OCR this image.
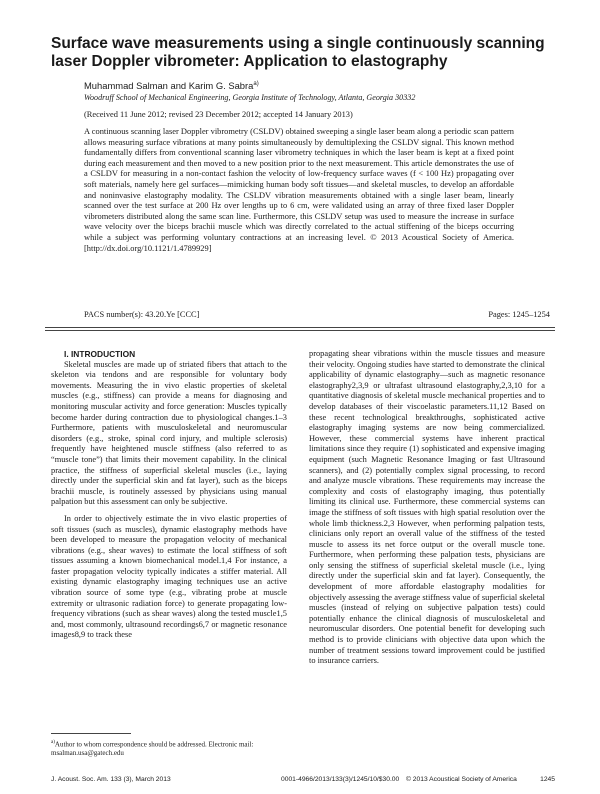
Surface wave measurements using a single continuously scanning laser Doppler vibrometer: Application to elastography
Muhammad Salman and Karim G. Sabra$^{a)}$
Woodruff School of Mechanical Engineering, Georgia Institute of Technology, Atlanta, Georgia 30332
(Received 11 June 2012; revised 23 December 2012; accepted 14 January 2013)

A continuous scanning laser Doppler vibrometry (CSLDV) obtained sweeping a single laser beam along a periodic scan pattern allows measuring surface vibrations at many points simultaneously by demultiplexing the CSLDV signal. This known method fundamentally differs from conventional scanning laser vibrometry techniques in which the laser beam is kept at a fixed point during each measurement and then moved to a new position prior to the next measurement. This article demonstrates the use of a CSLDV for measuring in a non-contact fashion the velocity of low-frequency surface waves (f < 100 Hz) propagating over soft materials, namely here gel surfaces—mimicking human body soft tissues—and skeletal muscles, to develop an affordable and noninvasive elastography modality. The CSLDV vibration measurements obtained with a single laser beam, linearly scanned over the test surface at 200 Hz over lengths up to 6 cm, were validated using an array of three fixed laser Doppler vibrometers distributed along the same scan line. Furthermore, this CSLDV setup was used to measure the increase in surface wave velocity over the biceps brachii muscle which was directly correlated to the actual stiffening of the biceps occurring while a subject was performing voluntary contractions at an increasing level. © 2013 Acoustical Society of America. [http://dx.doi.org/10.1121/1.4789929]

PACS number(s): 43.20.Ye [CCC]	Pages: 1245–1254

I. INTRODUCTION

Skeletal muscles are made up of striated fibers that attach to the skeleton via tendons and are responsible for voluntary body movements. Measuring the in vivo elastic properties of skeletal muscles (e.g., stiffness) can provide a means for diagnosing and monitoring muscular activity and force generation: Muscles typically become harder during contraction due to physiological changes.1–3 Furthermore, patients with musculoskeletal and neuromuscular disorders (e.g., stroke, spinal cord injury, and multiple sclerosis) frequently have heightened muscle stiffness (also referred to as “muscle tone”) that limits their movement capability. In the clinical practice, the stiffness of superficial skeletal muscles (i.e., laying directly under the superficial skin and fat layer), such as the biceps brachii muscle, is routinely assessed by physicians using manual palpation but this assessment can only be subjective.

In order to objectively estimate the in vivo elastic properties of soft tissues (such as muscles), dynamic elastography methods have been developed to measure the propagation velocity of mechanical vibrations (e.g., shear waves) to estimate the local stiffness of soft tissues assuming a known biomechanical model.1,4 For instance, a faster propagation velocity typically indicates a stiffer material. All existing dynamic elastography imaging techniques use an active vibration source of some type (e.g., vibrating probe at muscle extremity or ultrasonic radiation force) to generate propagating low-frequency vibrations (such as shear waves) along the tested muscle1,5 and, most commonly, ultrasound recordings6,7 or magnetic resonance images8,9 to track these

propagating shear vibrations within the muscle tissues and measure their velocity. Ongoing studies have started to demonstrate the clinical applicability of dynamic elastography—such as magnetic resonance elastography2,3,9 or ultrafast ultrasound elastography,2,3,10 for a quantitative diagnosis of skeletal muscle mechanical properties and to develop databases of their viscoelastic parameters.11,12 Based on these recent technological breakthroughs, sophisticated active elastography imaging systems are now being commercialized. However, these commercial systems have inherent practical limitations since they require (1) sophisticated and expensive imaging equipment (such Magnetic Resonance Imaging or fast Ultrasound scanners), and (2) potentially complex signal processing, to record and analyze muscle vibrations. These requirements may increase the complexity and costs of elastography imaging, thus potentially limiting its clinical use. Furthermore, these commercial systems can image the stiffness of soft tissues with high spatial resolution over the whole limb thickness.2,3 However, when performing palpation tests, clinicians only report an overall value of the stiffness of the tested muscle to assess its net force output or the overall muscle tone. Furthermore, when performing these palpation tests, physicians are only sensing the stiffness of superficial skeletal muscle (i.e., lying directly under the superficial skin and fat layer). Consequently, the development of more affordable elastography modalities for objectively assessing the average stiffness value of superficial skeletal muscles (instead of relying on subjective palpation tests) could potentially enhance the clinical diagnosis of musculoskeletal and neuromuscular disorders. One potential benefit for developing such method is to provide clinicians with objective data upon which the number of treatment sessions toward improvement could be justified to insurance carriers.

$^{a)}$Author to whom correspondence should be addressed. Electronic mail: msalman.usa@gatech.edu
J. Acoust. Soc. Am. 133 (3), March 2013	0001-4966/2013/133(3)/1245/10/$30.00 © 2013 Acoustical Society of America	1245
